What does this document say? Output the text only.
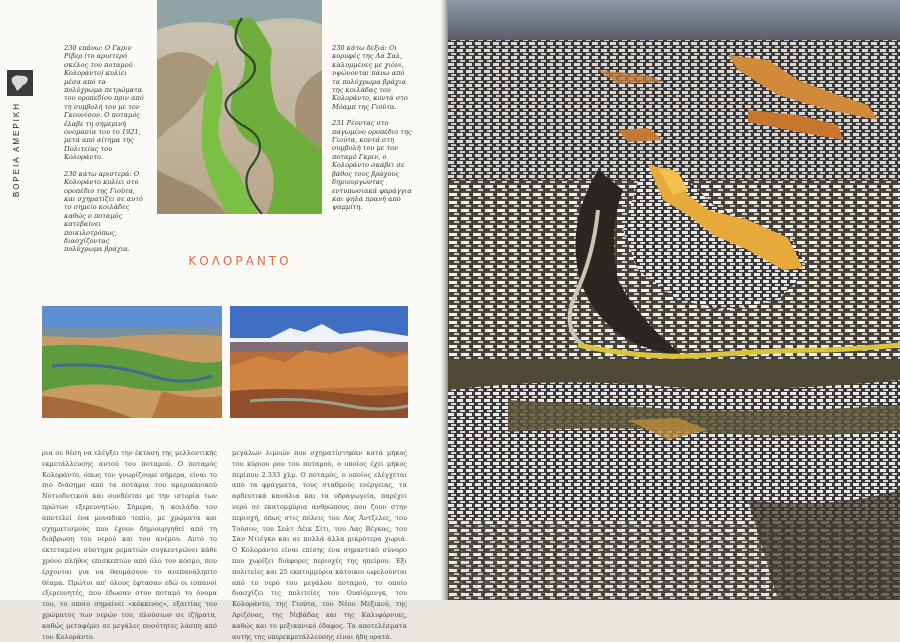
ΒΟΡΕΙΑ ΑΜΕΡΙΚΗ

230 επάνω: Ο Γκριν Ρίβερ (το αριστερό σκέλος του ποταμού Κολοράντο) κυλίει μέσα από τα πολύχρωμα πετρώματα του οροπεδίου πριν από τη συμβολή του με τον Γκουνίσον. Ο ποταμός έλαβε τη σημερινή ονομασία του το 1921, μετά από αίτημα της Πολιτείας του Κολοράντο.

230 κάτω αριστερά: Ο Κολοράντο κυλίει στο οροπέδιο της Γιούτα, και σχηματίζει σε αυτό το σημείο κοιλάδες καθώς ο ποταμός κατεβαίνει ποικιλοτρόπως, διασχίζοντας πολύχρωμα βράχια.

230 κάτω δεξιά: Οι κορυφές της Λα Σαλ, καλυμμένες με χιόνι, υψώνονται πάνω από τα πολύχρωμα βράχια της κοιλάδας του Κολοράντο, κοντά στο Μόαμπ της Γιούτα.

231 Ρέοντας στο παγωμένο οροπέδιο της Γιούτα, κοντά στη συμβολή του με τον ποταμό Γκριν, ο Κολοράντο σκάβει σε βάθος τους βράχους δημιουργώντας εντυπωσιακά φαράγγια και ψηλά πρανή από ψαμμίτη.

ΚΟΛΟΡΑΝΤΟ

ρια σε θέση να ελέγξει την έκταση της μελλοντικής εκμετάλλευσης αυτού του ποταμού. Ο ποταμός Κολοράντο, όπως τον γνωρίζουμε σήμερα, είναι το πιο διάσημο από τα ποτάμια του αμερικανικού Νοτιοδυτικού και συνδέεται με την ιστορία των πρώτων εξερευνητών. Σήμερα, η κοιλάδα του αποτελεί ένα μοναδικό τοπίο, με χρώματα και σχηματισμούς που έχουν δημιουργηθεί από τη διάβρωση του νερού και του ανέμου. Αυτό το εκτεταμένο σύστημα ρεματιών συγκεντρώνει κάθε χρόνο πλήθος επισκεπτών από όλο τον κόσμο, που έρχονται για να θαυμάσουν το ανεπανάληπτο θέαμα. Πρώτοι απ' όλους έφτασαν εδώ οι ισπανοί εξερευνητές, που έδωσαν στον ποταμό το όνομα του, το οποίο σημαίνει «κόκκινος», εξαιτίας του χρώματος των νερών του, πλούσιων σε ιζήματα, καθώς μεταφέρει σε μεγάλες ποσότητες λάσπη από τον Κολοράντο.

μεγάλων λιμνών που σχηματίστηκαν κατά μήκος του κύριου ρου του ποταμού, ο οποίος έχει μήκος περίπου 2.333 χλμ. Ο ποταμός, ο οποίος ελέγχεται από τα φράγματα, τους σταθμούς ενέργειας, τα αρδευτικά κανάλια και τα υδραγωγεία, παρέχει νερό σε εκατομμύρια ανθρώπους που ζουν στην περιοχή, όπως στις πόλεις του Λος Άντζελες, του Τούσον, του Σολτ Λέικ Σίτι, του Λας Βέγκας, του Σαν Ντιέγκο και σε πολλά άλλα μικρότερα χωριά. Ο Κολοράντο είναι επίσης ένα σημαντικό σύνορο που χωρίζει διάφορες περιοχές της ηπείρου. Έξι πολιτείες και 25 εκατομμύρια κάτοικοι ωφελούνται από το νερό του μεγάλου ποταμού, το οποίο διασχίζει τις πολιτείες του Ουαϊόμινγκ, του Κολοράντο, της Γιούτα, του Νέου Μεξικού, της Αριζόνας, της Νεβάδας και της Καλιφόρνιας, καθώς και το μεξικανικό έδαφος. Τα αποτελέσματα αυτής της υπερεκμετάλλευσης είναι ήδη ορατά.
